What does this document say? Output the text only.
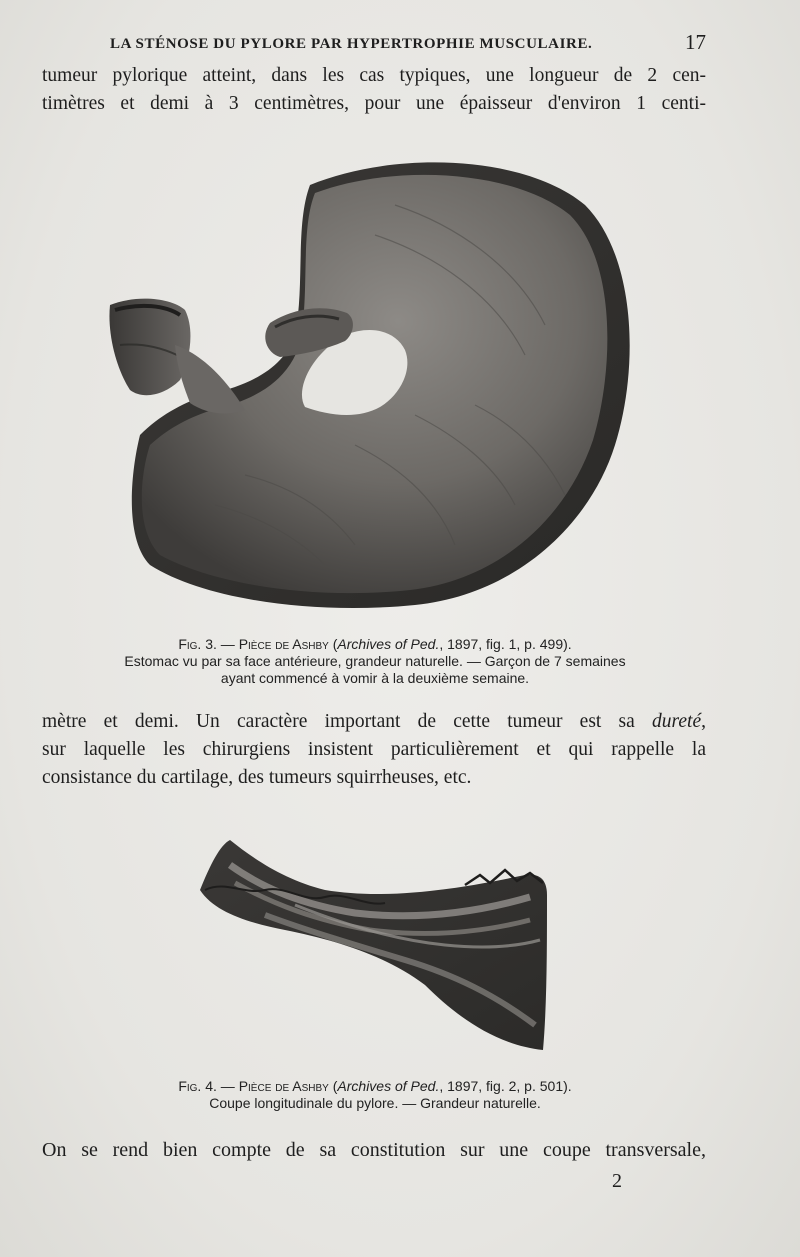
LA STÉNOSE DU PYLORE PAR HYPERTROPHIE MUSCULAIRE.	17
tumeur pylorique atteint, dans les cas typiques, une longueur de 2 cen-
timètres et demi à 3 centimètres, pour une épaisseur d'environ 1 centi-
Fig. 3. — Pièce de Ashby (Archives of Ped., 1897, fig. 1, p. 499).
Estomac vu par sa face antérieure, grandeur naturelle. — Garçon de 7 semaines
ayant commencé à vomir à la deuxième semaine.
mètre et demi. Un caractère important de cette tumeur est sa dureté,
sur laquelle les chirurgiens insistent particulièrement et qui rappelle la
consistance du cartilage, des tumeurs squirrheuses, etc.
Fig. 4. — Pièce de Ashby (Archives of Ped., 1897, fig. 2, p. 501).
Coupe longitudinale du pylore. — Grandeur naturelle.
On se rend bien compte de sa constitution sur une coupe transversale,
2
